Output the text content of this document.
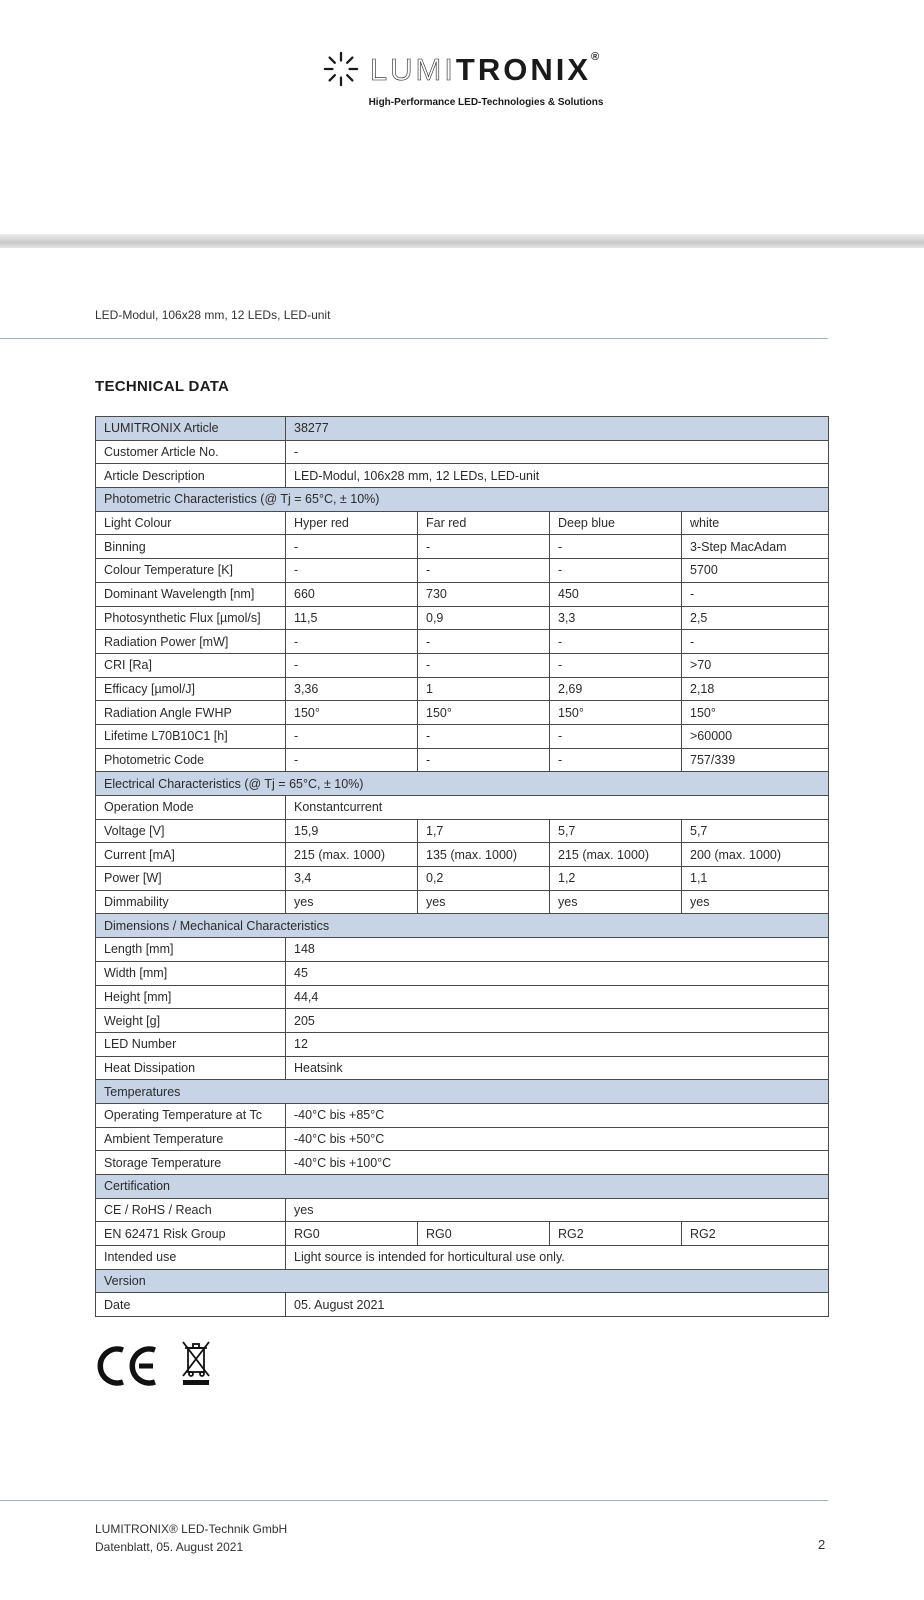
LUMITRONIX®
High-Performance LED-Technologies & Solutions
LED-Modul, 106x28 mm, 12 LEDs, LED-unit
TECHNICAL DATA
LUMITRONIX Article	38277			
Customer Article No.	-			
Article Description	LED-Modul, 106x28 mm, 12 LEDs, LED-unit			
Photometric Characteristics (@ Tj = 65°C, ± 10%)				
Light Colour	Hyper red	Far red	Deep blue	white
Binning	-	-	-	3-Step MacAdam
Colour Temperature [K]	-	-	-	5700
Dominant Wavelength [nm]	660	730	450	-
Photosynthetic Flux [µmol/s]	11,5	0,9	3,3	2,5
Radiation Power [mW]	-	-	-	-
CRI [Ra]	-	-	-	>70
Efficacy [µmol/J]	3,36	1	2,69	2,18
Radiation Angle FWHP	150°	150°	150°	150°
Lifetime L70B10C1 [h]	-	-	-	>60000
Photometric Code	-	-	-	757/339
Electrical Characteristics (@ Tj = 65°C, ± 10%)				
Operation Mode	Konstantcurrent			
Voltage [V]	15,9	1,7	5,7	5,7
Current [mA]	215 (max. 1000)	135 (max. 1000)	215 (max. 1000)	200 (max. 1000)
Power [W]	3,4	0,2	1,2	1,1
Dimmability	yes	yes	yes	yes
Dimensions / Mechanical Characteristics				
Length [mm]	148			
Width [mm]	45			
Height [mm]	44,4			
Weight [g]	205			
LED Number	12			
Heat Dissipation	Heatsink			
Temperatures				
Operating Temperature at Tc	-40°C bis +85°C			
Ambient Temperature	-40°C bis +50°C			
Storage Temperature	-40°C bis +100°C			
Certification				
CE / RoHS / Reach	yes			
EN 62471 Risk Group	RG0	RG0	RG2	RG2
Intended use	Light source is intended for horticultural use only.			
Version				
Date	05. August 2021			
LUMITRONIX® LED-Technik GmbH
Datenblatt, 05. August 2021	2
